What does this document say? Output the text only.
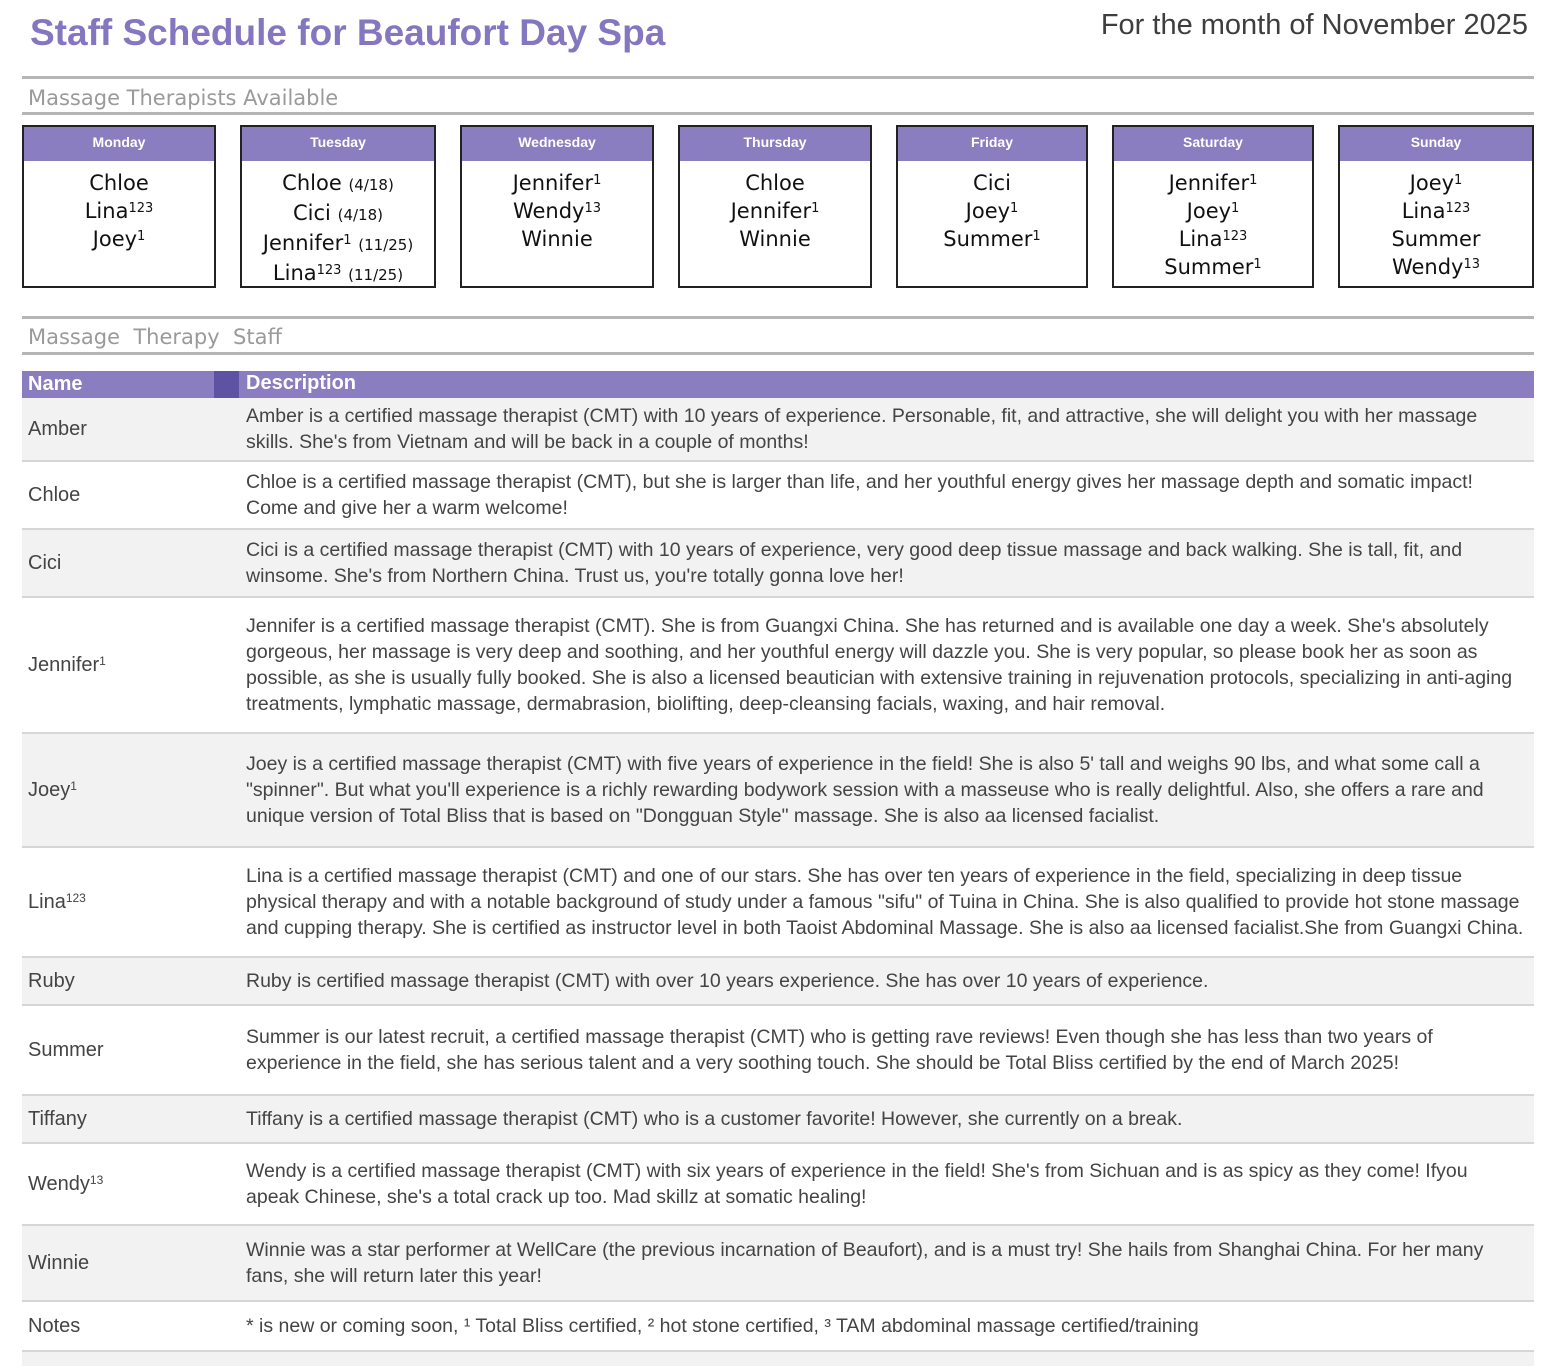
Staff Schedule for Beaufort Day Spa	For the month of November 2025
Massage Therapists Available
Monday
Chloe
Lina$^{123}$
Joey$^1$
Tuesday
Chloe (4/18)
Cici (4/18)
Jennifer$^1$ (11/25)
Lina$^{123}$ (11/25)
Wednesday
Jennifer$^1$
Wendy$^{13}$
Winnie
Thursday
Chloe
Jennifer$^1$
Winnie
Friday
Cici
Joey$^1$
Summer$^1$
Saturday
Jennifer$^1$
Joey$^1$
Lina$^{123}$
Summer$^1$
Sunday
Joey$^1$
Lina$^{123}$
Summer
Wendy$^{13}$
Massage  Therapy  Staff
Name	Description
Amber
Amber is a certified massage therapist (CMT) with 10 years of experience. Personable, fit, and attractive, she will delight you with her massage skills. She's from Vietnam and will be back in a couple of months!
Chloe
Chloe is a certified massage therapist (CMT), but she is larger than life, and her youthful energy gives her massage depth and somatic impact! Come and give her a warm welcome!
Cici
Cici is a certified massage therapist (CMT) with 10 years of experience, very good deep tissue massage and back walking. She is tall, fit, and winsome. She's from Northern China. Trust us, you're totally gonna love her!
Jennifer$^1$
Jennifer is a certified massage therapist (CMT). She is from Guangxi China. She has returned and is available one day a week. She's absolutely gorgeous, her massage is very deep and soothing, and her youthful energy will dazzle you. She is very popular, so please book her as soon as possible, as she is usually fully booked. She is also a licensed beautician with extensive training in rejuvenation protocols, specializing in anti-aging treatments, lymphatic massage, dermabrasion, biolifting, deep-cleansing facials, waxing, and hair removal.
Joey$^1$
Joey is a certified massage therapist (CMT) with five years of experience in the field! She is also 5' tall and weighs 90 lbs, and what some call a "spinner". But what you'll experience is a richly rewarding bodywork session with a masseuse who is really delightful. Also, she offers a rare and unique version of Total Bliss that is based on "Dongguan Style" massage. She is also aa licensed facialist.
Lina$^{123}$
Lina is a certified massage therapist (CMT) and one of our stars. She has over ten years of experience in the field, specializing in deep tissue physical therapy and with a notable background of study under a famous "sifu" of Tuina in China. She is also qualified to provide hot stone massage and cupping therapy. She is certified as instructor level in both Taoist Abdominal Massage. She is also aa licensed facialist.She from Guangxi China.
Ruby	Ruby is certified massage therapist (CMT) with over 10 years experience. She has over 10 years of experience.
Summer
Summer is our latest recruit, a certified massage therapist (CMT) who is getting rave reviews! Even though she has less than two years of experience in the field, she has serious talent and a very soothing touch. She should be Total Bliss certified by the end of March 2025!
Tiffany	Tiffany is a certified massage therapist (CMT) who is a customer favorite! However, she currently on a break.
Wendy$^{13}$	Wendy is a certified massage therapist (CMT) with six years of experience in the field! She's from Sichuan and is as spicy as they come! Ifyou apeak Chinese, she's a total crack up too. Mad skillz at somatic healing!
Winnie
Winnie was a star performer at WellCare (the previous incarnation of Beaufort), and is a must try! She hails from Shanghai China. For her many fans, she will return later this year!
Notes	* is new or coming soon, ¹ Total Bliss certified, ² hot stone certified, ³ TAM abdominal massage certified/training
